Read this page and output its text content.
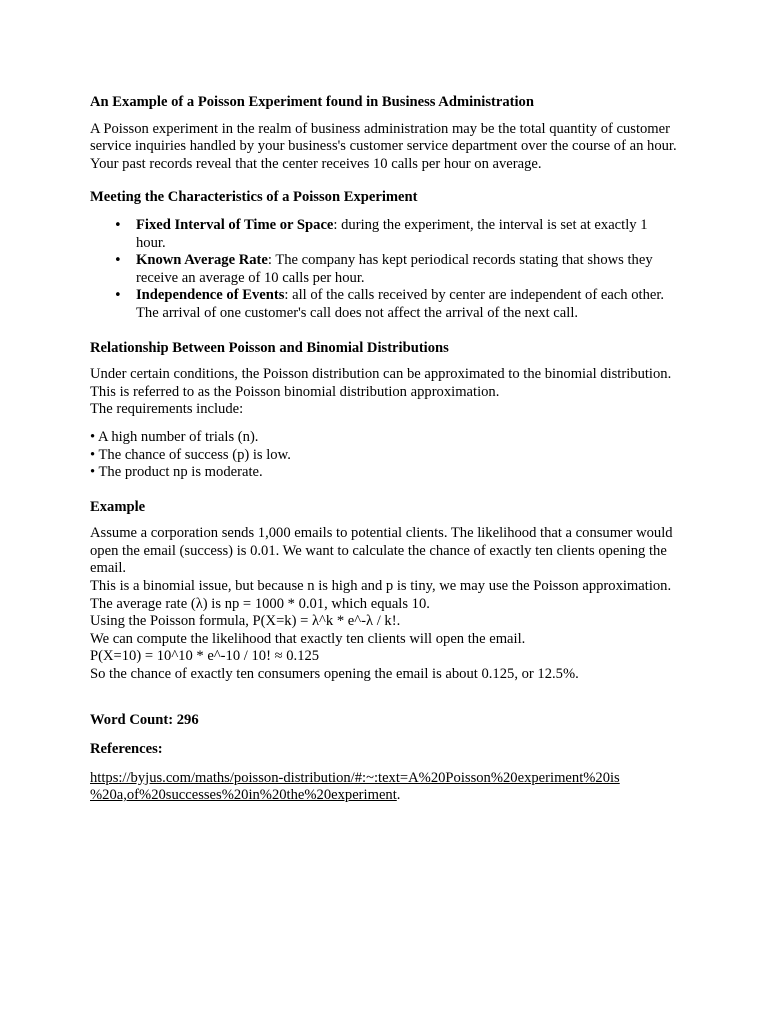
An Example of a Poisson Experiment found in Business Administration

A Poisson experiment in the realm of business administration may be the total quantity of customer service inquiries handled by your business's customer service department over the course of an hour. Your past records reveal that the center receives 10 calls per hour on average.

Meeting the Characteristics of a Poisson Experiment
• Fixed Interval of Time or Space: during the experiment, the interval is set at exactly 1 hour.
• Known Average Rate: The company has kept periodical records stating that shows they receive an average of 10 calls per hour.
• Independence of Events: all of the calls received by center are independent of each other. The arrival of one customer's call does not affect the arrival of the next call.
Relationship Between Poisson and Binomial Distributions

Under certain conditions, the Poisson distribution can be approximated to the binomial distribution. This is referred to as the Poisson binomial distribution approximation.
The requirements include:

• A high number of trials (n).
• The chance of success (p) is low.
• The product np is moderate.

Example

Assume a corporation sends 1,000 emails to potential clients. The likelihood that a consumer would open the email (success) is 0.01. We want to calculate the chance of exactly ten clients opening the email.
This is a binomial issue, but because n is high and p is tiny, we may use the Poisson approximation. The average rate (λ) is np = 1000 * 0.01, which equals 10.
Using the Poisson formula, P(X=k) = λ^k * e^-λ / k!.
We can compute the likelihood that exactly ten clients will open the email.
P(X=10) = 10^10 * e^-10 / 10! ≈ 0.125
So the chance of exactly ten consumers opening the email is about 0.125, or 12.5%.

Word Count: 296
References:

https://byjus.com/maths/poisson-distribution/#:~:text=A%20Poisson%20experiment%20is
%20a,of%20successes%20in%20the%20experiment.
